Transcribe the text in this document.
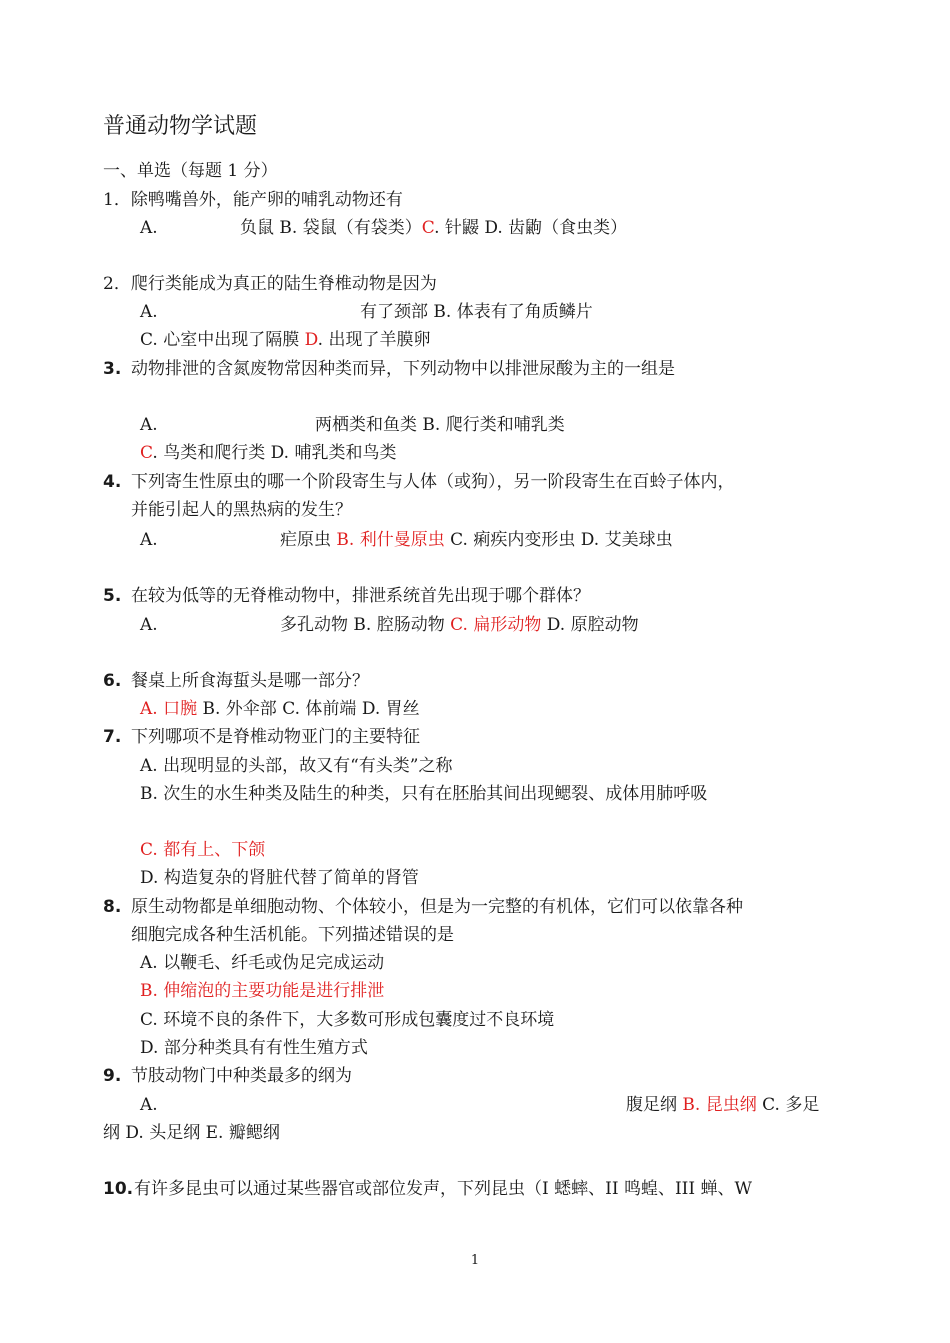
普通动物学试题
一、单选（每题 1 分）
1．除鸭嘴兽外，能产卵的哺乳动物还有
A.	负鼠 B. 袋鼠（有袋类）C. 针鼹 D. 齿鼩（食虫类）
2．爬行类能成为真正的陆生脊椎动物是因为
A.	有了颈部 B. 体表有了角质鳞片
C. 心室中出现了隔膜 D. 出现了羊膜卵
3. 动物排泄的含氮废物常因种类而异，下列动物中以排泄尿酸为主的一组是
A.	两栖类和鱼类 B. 爬行类和哺乳类
C. 鸟类和爬行类 D. 哺乳类和鸟类
4. 下列寄生性原虫的哪一个阶段寄生与人体（或狗），另一阶段寄生在百蛉子体内，
并能引起人的黑热病的发生？
A.	疟原虫 B. 利什曼原虫 C. 痢疾内变形虫 D. 艾美球虫
5. 在较为低等的无脊椎动物中，排泄系统首先出现于哪个群体？
A.	多孔动物 B. 腔肠动物 C. 扁形动物 D. 原腔动物
6. 餐桌上所食海蜇头是哪一部分？
A. 口腕 B. 外伞部 C. 体前端 D. 胃丝
7. 下列哪项不是脊椎动物亚门的主要特征
A. 出现明显的头部，故又有“有头类”之称
B. 次生的水生种类及陆生的种类，只有在胚胎其间出现鳃裂、成体用肺呼吸
C. 都有上、下颌
D. 构造复杂的肾脏代替了简单的肾管
8. 原生动物都是单细胞动物、个体较小，但是为一完整的有机体，它们可以依靠各种
细胞完成各种生活机能。下列描述错误的是
A. 以鞭毛、纤毛或伪足完成运动
B. 伸缩泡的主要功能是进行排泄
C. 环境不良的条件下，大多数可形成包囊度过不良环境
D. 部分种类具有有性生殖方式
9. 节肢动物门中种类最多的纲为
A.	腹足纲 B. 昆虫纲 C. 多足
纲 D. 头足纲 E. 瓣鳃纲
10. 有许多昆虫可以通过某些器官或部位发声，下列昆虫（I 蟋蟀、II 鸣蝗、III 蝉、W
1
